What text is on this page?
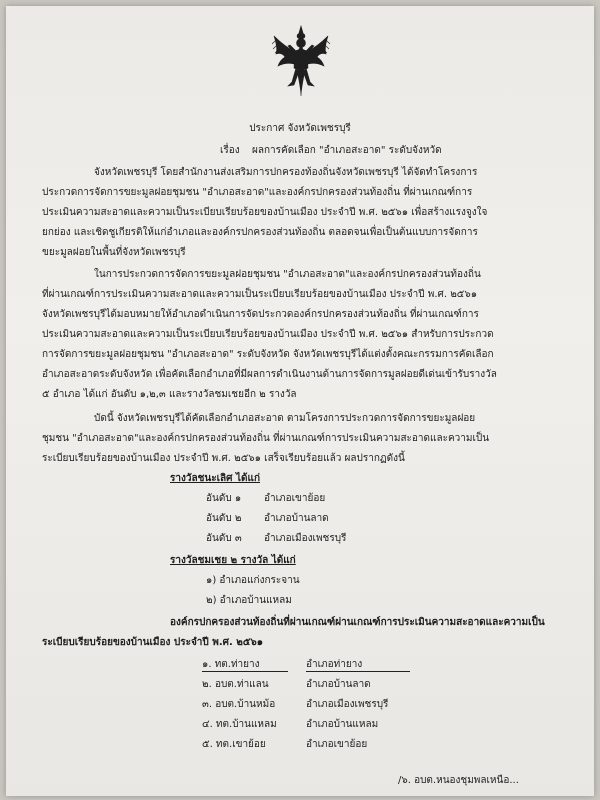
ประกาศ จังหวัดเพชรบุรี
เรื่อง ผลการคัดเลือก "อำเภอสะอาด" ระดับจังหวัด
จังหวัดเพชรบุรี โดยสำนักงานส่งเสริมการปกครองท้องถิ่นจังหวัดเพชรบุรี ได้จัดทำโครงการ
ประกวดการจัดการขยะมูลฝอยชุมชน "อำเภอสะอาด"และองค์กรปกครองส่วนท้องถิ่น ที่ผ่านเกณฑ์การ
ประเมินความสะอาดและความเป็นระเบียบเรียบร้อยของบ้านเมือง ประจำปี พ.ศ. ๒๕๖๑ เพื่อสร้างแรงจูงใจ
ยกย่อง และเชิดชูเกียรติให้แก่อำเภอและองค์กรปกครองส่วนท้องถิ่น ตลอดจนเพื่อเป็นต้นแบบการจัดการ
ขยะมูลฝอยในพื้นที่จังหวัดเพชรบุรี
ในการประกวดการจัดการขยะมูลฝอยชุมชน "อำเภอสะอาด"และองค์กรปกครองส่วนท้องถิ่น
ที่ผ่านเกณฑ์การประเมินความสะอาดและความเป็นระเบียบเรียบร้อยของบ้านเมือง ประจำปี พ.ศ. ๒๕๖๑
จังหวัดเพชรบุรีได้มอบหมายให้อำเภอดำเนินการจัดประกวดองค์กรปกครองส่วนท้องถิ่น ที่ผ่านเกณฑ์การ
ประเมินความสะอาดและความเป็นระเบียบเรียบร้อยของบ้านเมือง ประจำปี พ.ศ. ๒๕๖๑ สำหรับการประกวด
การจัดการขยะมูลฝอยชุมชน "อำเภอสะอาด" ระดับจังหวัด จังหวัดเพชรบุรีได้แต่งตั้งคณะกรรมการคัดเลือก
อำเภอสะอาดระดับจังหวัด เพื่อคัดเลือกอำเภอที่มีผลการดำเนินงานด้านการจัดการมูลฝอยดีเด่นเข้ารับรางวัล
๕ อำเภอ ได้แก่ อันดับ ๑,๒,๓ และรางวัลชมเชยอีก ๒ รางวัล
บัดนี้ จังหวัดเพชรบุรีได้คัดเลือกอำเภอสะอาด ตามโครงการประกวดการจัดการขยะมูลฝอย
ชุมชน "อำเภอสะอาด"และองค์กรปกครองส่วนท้องถิ่น ที่ผ่านเกณฑ์การประเมินความสะอาดและความเป็น
ระเบียบเรียบร้อยของบ้านเมือง ประจำปี พ.ศ. ๒๕๖๑ เสร็จเรียบร้อยแล้ว ผลปรากฏดังนี้
รางวัลชนะเลิศ ได้แก่
อันดับ ๑ อำเภอเขาย้อย
อันดับ ๒ อำเภอบ้านลาด
อันดับ ๓ อำเภอเมืองเพชรบุรี
รางวัลชมเชย ๒ รางวัล ได้แก่
๑) อำเภอแก่งกระจาน
๒) อำเภอบ้านแหลม
องค์กรปกครองส่วนท้องถิ่นที่ผ่านเกณฑ์ผ่านเกณฑ์การประเมินความสะอาดและความเป็น
ระเบียบเรียบร้อยของบ้านเมือง ประจำปี พ.ศ. ๒๕๖๑
๑. ทต.ท่ายาง	อำเภอท่ายาง
๒. อบต.ท่าแลน	อำเภอบ้านลาด
๓. อบต.บ้านหม้อ	อำเภอเมืองเพชรบุรี
๔. ทต.บ้านแหลม	อำเภอบ้านแหลม
๕. ทต.เขาย้อย	อำเภอเขาย้อย
/๖. อบต.หนองชุมพลเหนือ...
